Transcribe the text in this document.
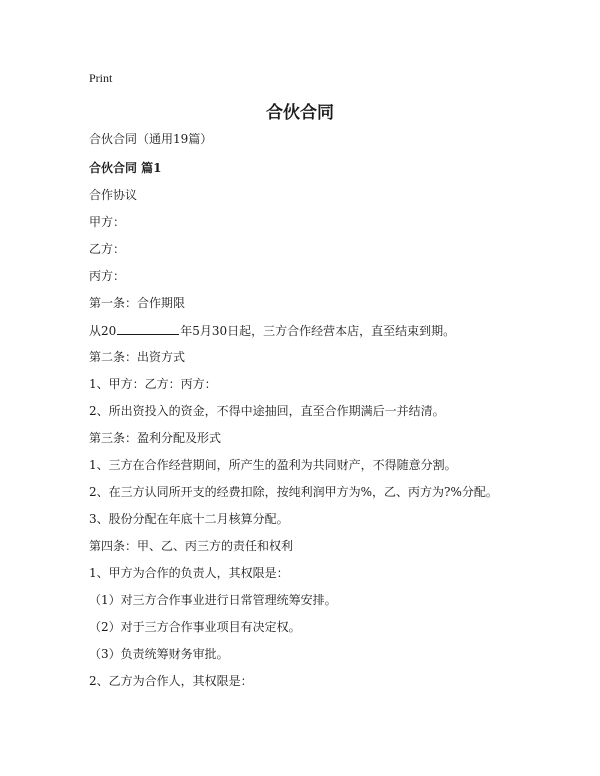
Print
合伙合同
合伙合同（通用19篇）
合伙合同 篇1
合作协议
甲方：
乙方：
丙方：
第一条：合作期限
从20	年5月30日起，三方合作经营本店，直至结束到期。
第二条：出资方式
1、甲方：乙方：丙方：
2、所出资投入的资金，不得中途抽回，直至合作期满后一并结清。
第三条：盈利分配及形式
1、三方在合作经营期间，所产生的盈利为共同财产，不得随意分割。
2、在三方认同所开支的经费扣除，按纯利润甲方为%，乙、丙方为?%分配。
3、股份分配在年底十二月核算分配。
第四条：甲、乙、丙三方的责任和权利
1、甲方为合作的负责人，其权限是：
（1）对三方合作事业进行日常管理统筹安排。
（2）对于三方合作事业项目有决定权。
（3）负责统筹财务审批。
2、乙方为合作人，其权限是：
